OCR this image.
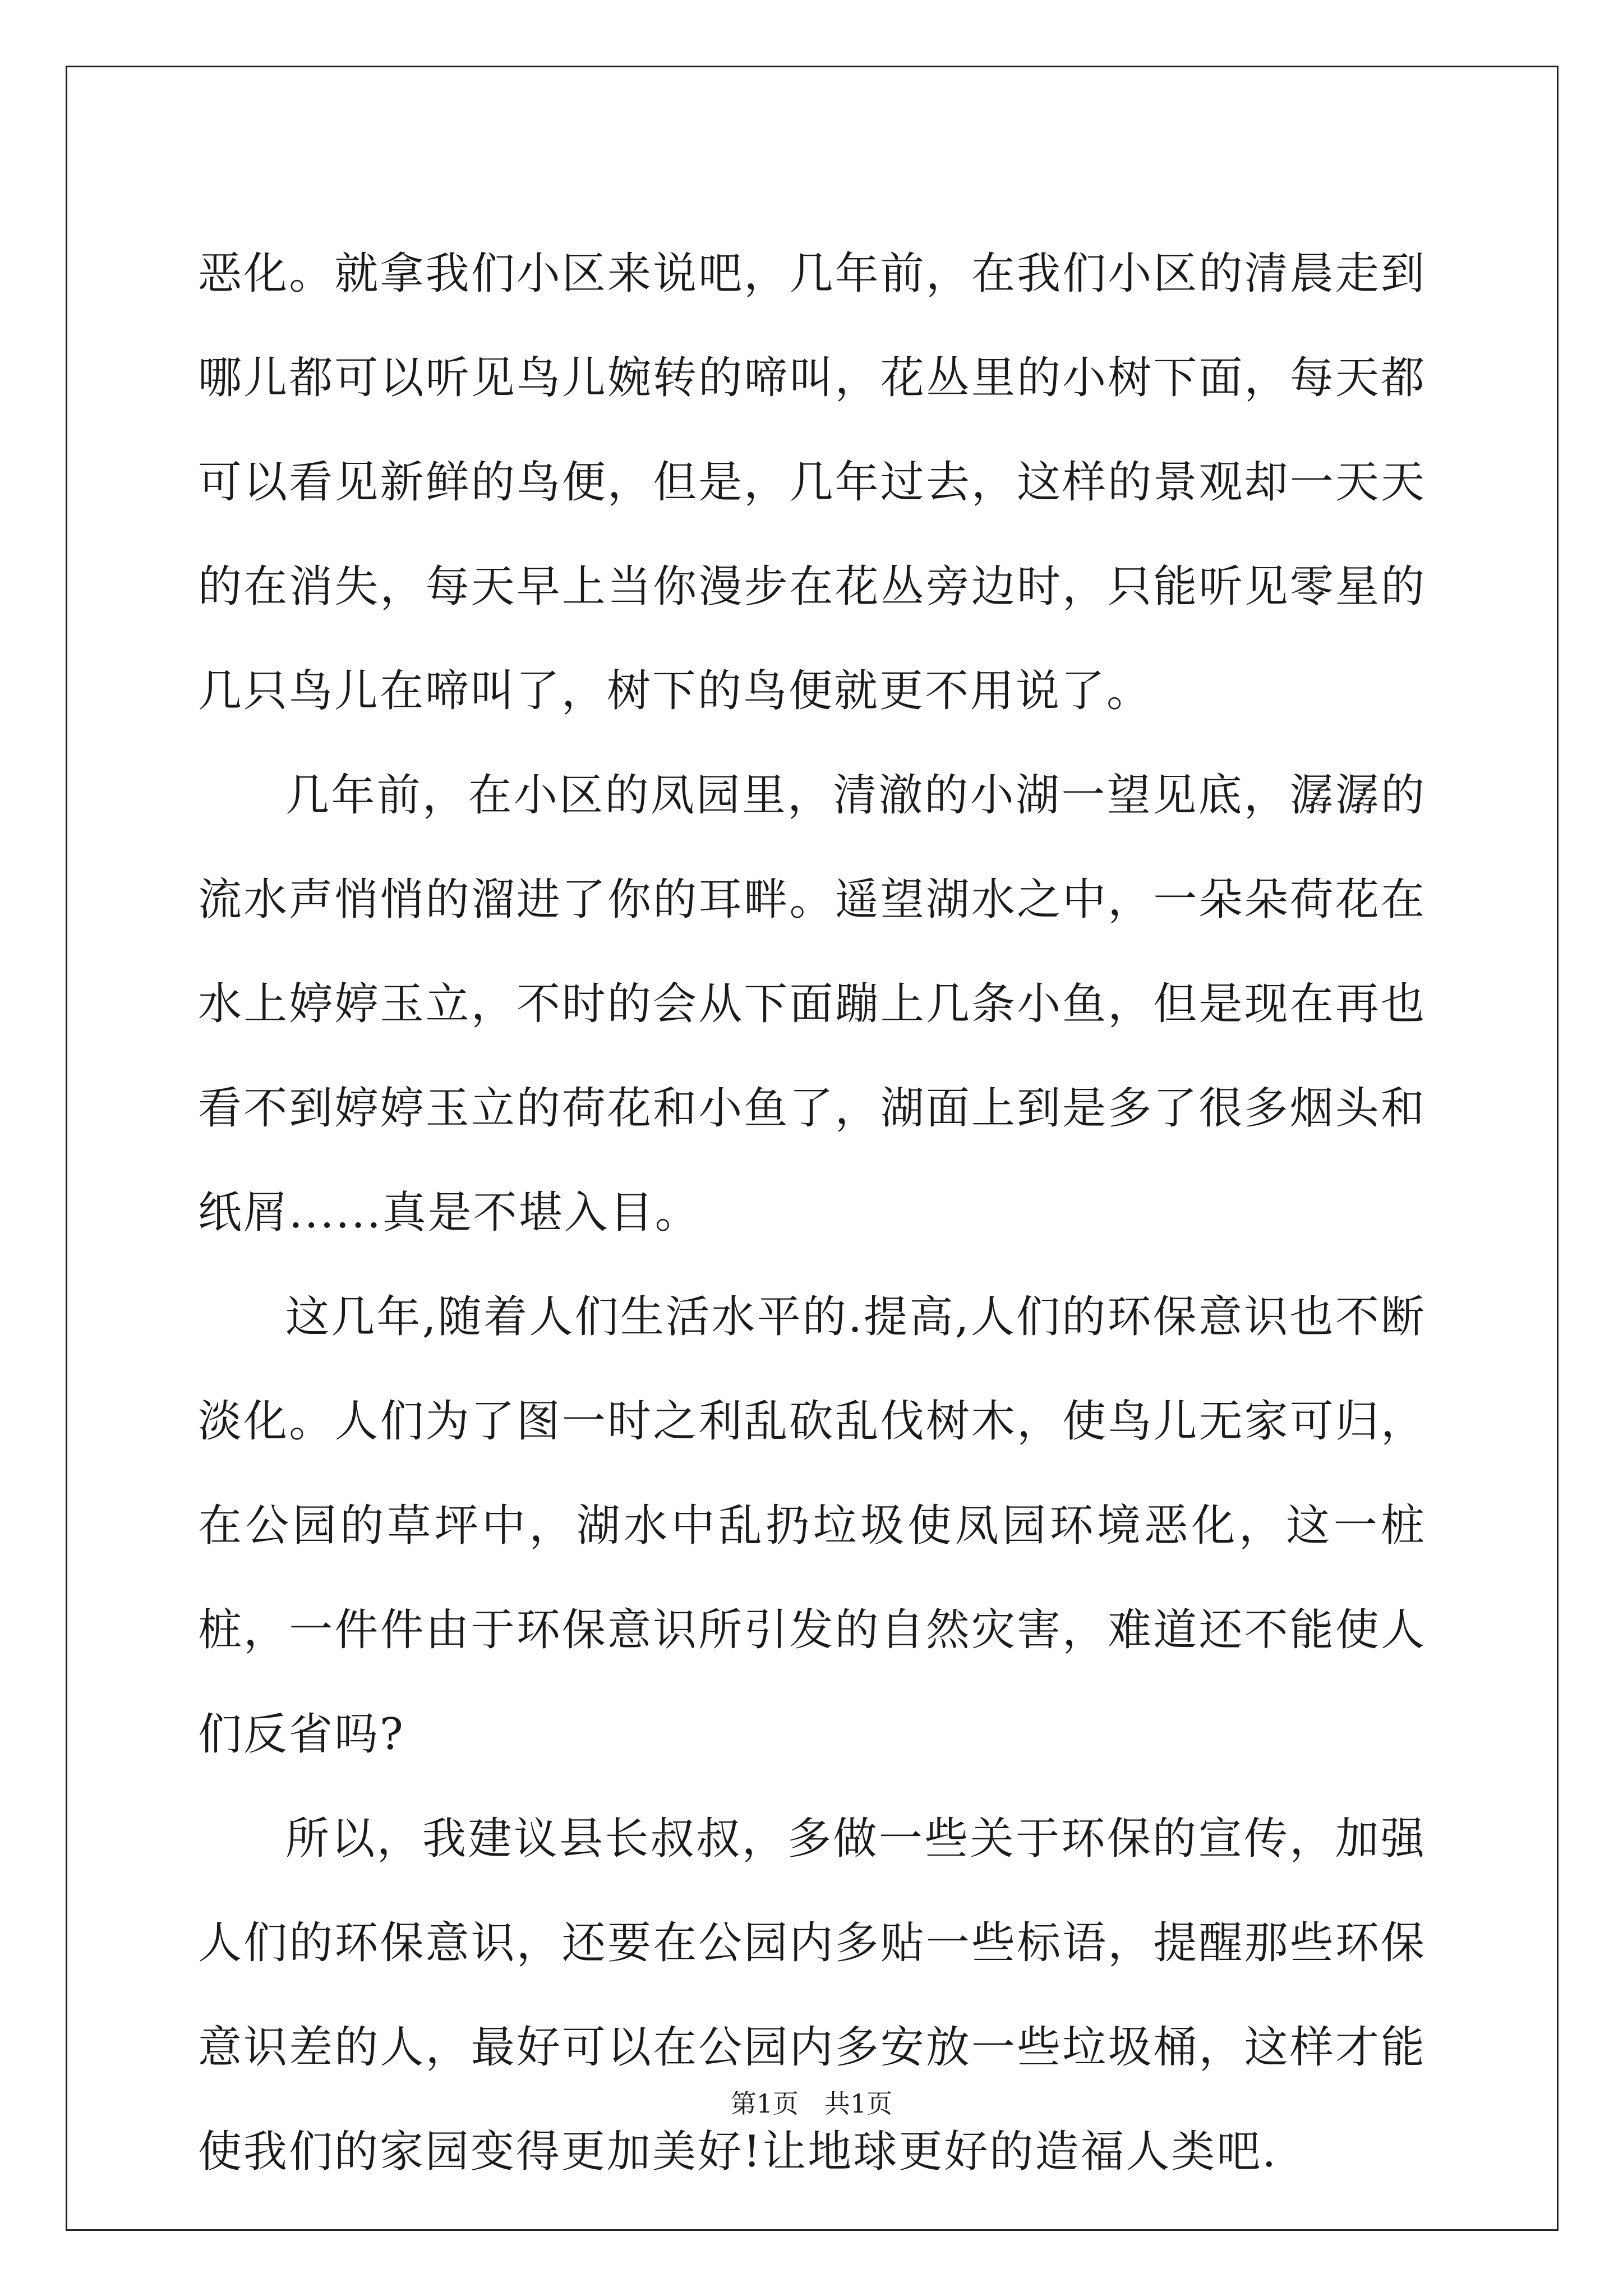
恶化。就拿我们小区来说吧，几年前，在我们小区的清晨走到哪儿都可以听见鸟儿婉转的啼叫，花丛里的小树下面，每天都可以看见新鲜的鸟便，但是，几年过去，这样的景观却一天天的在消失，每天早上当你漫步在花丛旁边时，只能听见零星的几只鸟儿在啼叫了，树下的鸟便就更不用说了。

几年前，在小区的凤园里，清澈的小湖一望见底，潺潺的流水声悄悄的溜进了你的耳畔。遥望湖水之中，一朵朵荷花在水上婷婷玉立，不时的会从下面蹦上几条小鱼，但是现在再也看不到婷婷玉立的荷花和小鱼了，湖面上到是多了很多烟头和纸屑......真是不堪入目。

这几年,随着人们生活水平的.提高,人们的环保意识也不断淡化。人们为了图一时之利乱砍乱伐树木，使鸟儿无家可归，在公园的草坪中，湖水中乱扔垃圾使凤园环境恶化，这一桩桩，一件件由于环保意识所引发的自然灾害，难道还不能使人们反省吗?

所以，我建议县长叔叔，多做一些关于环保的宣传，加强人们的环保意识，还要在公园内多贴一些标语，提醒那些环保意识差的人，最好可以在公园内多安放一些垃圾桶，这样才能使我们的家园变得更加美好!让地球更好的造福人类吧.

第1页　共1页
